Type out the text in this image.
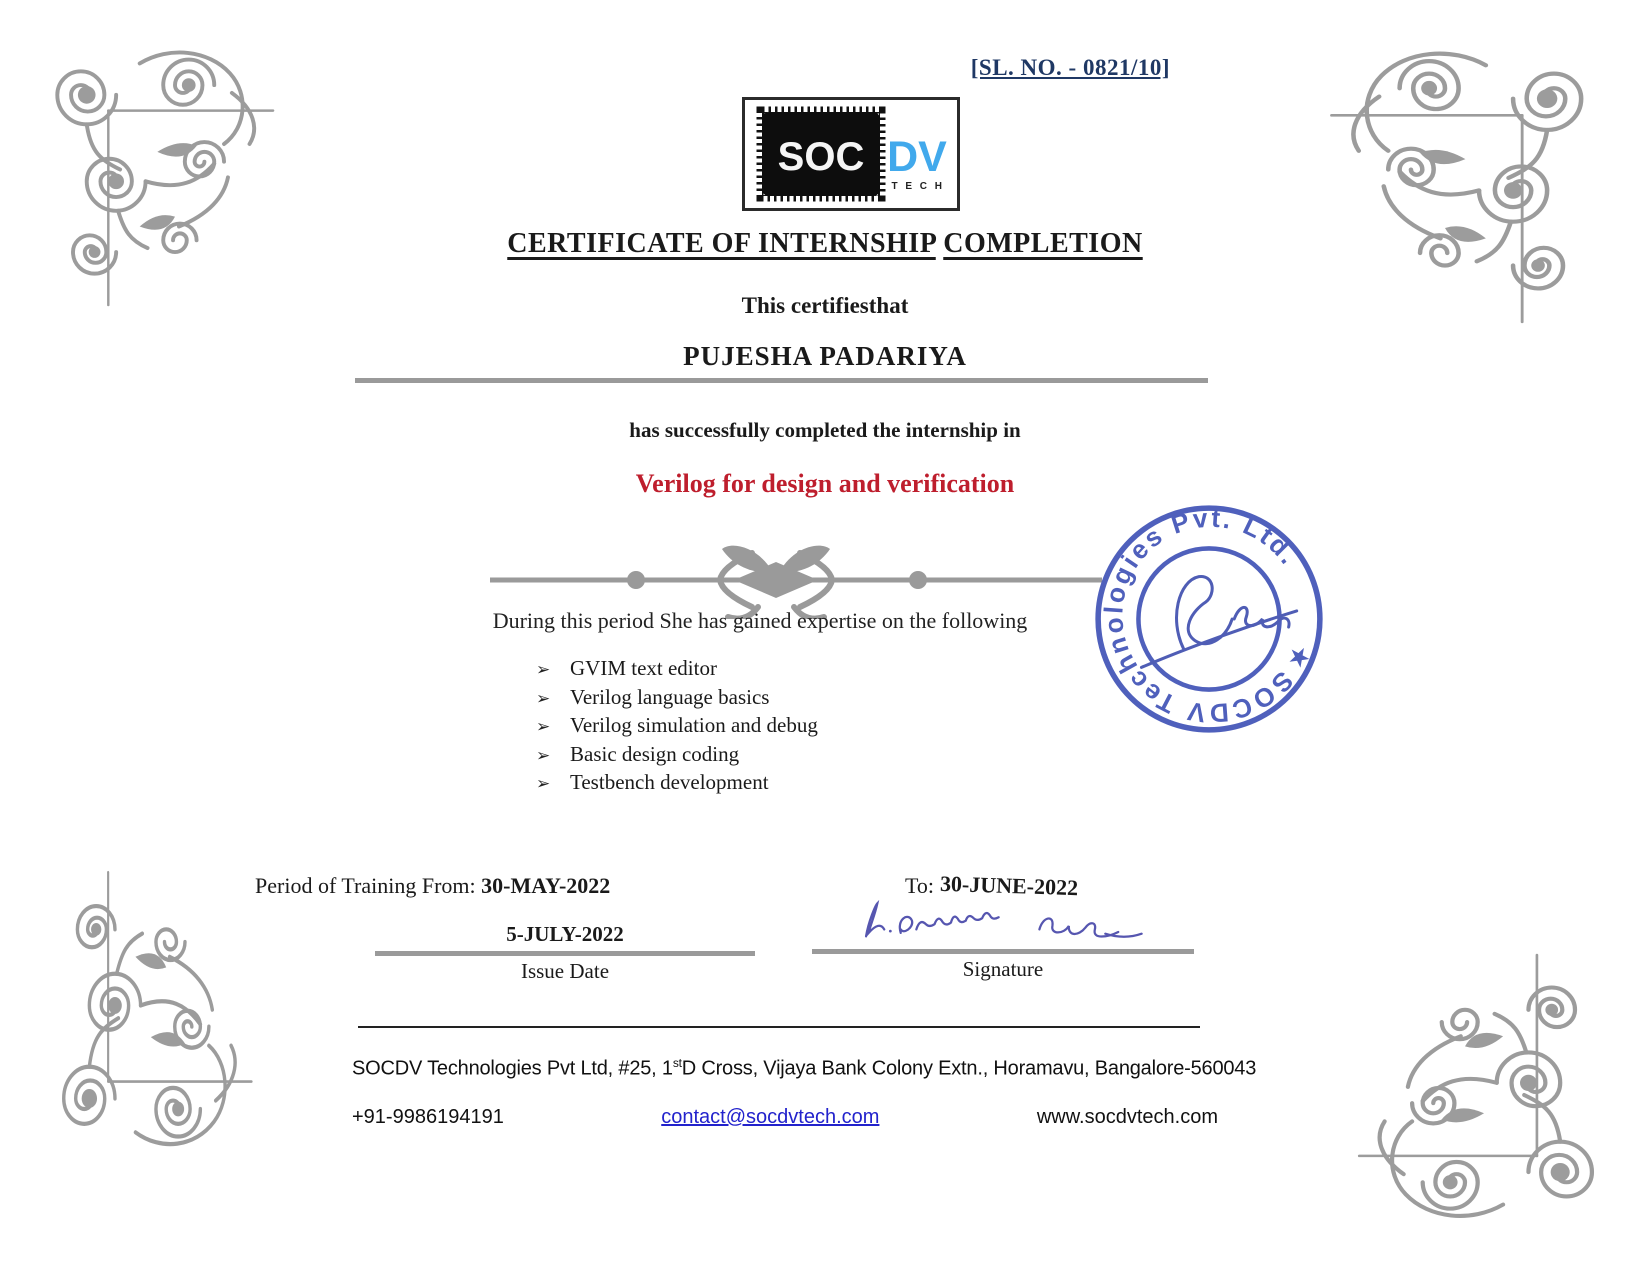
[SL. NO. - 0821/10]
SOC DV
T E C H
CERTIFICATE OF INTERNSHIP COMPLETION
This certifiesthat
PUJESHA PADARIYA
has successfully completed the internship in
Verilog for design and verification
SOCDV Technologies Pvt. Ltd.
★
During this period She has gained expertise on the following
➢ GVIM text editor
➢ Verilog language basics
➢ Verilog simulation and debug
➢ Basic design coding
➢ Testbench development
Period of Training From: 30-MAY-2022	To: 30-JUNE-2022
5-JULY-2022
Issue Date	Signature
SOCDV Technologies Pvt Ltd, #25, 1stD Cross, Vijaya Bank Colony Extn., Horamavu, Bangalore-560043
+91-9986194191	contact@socdvtech.com	www.socdvtech.com
